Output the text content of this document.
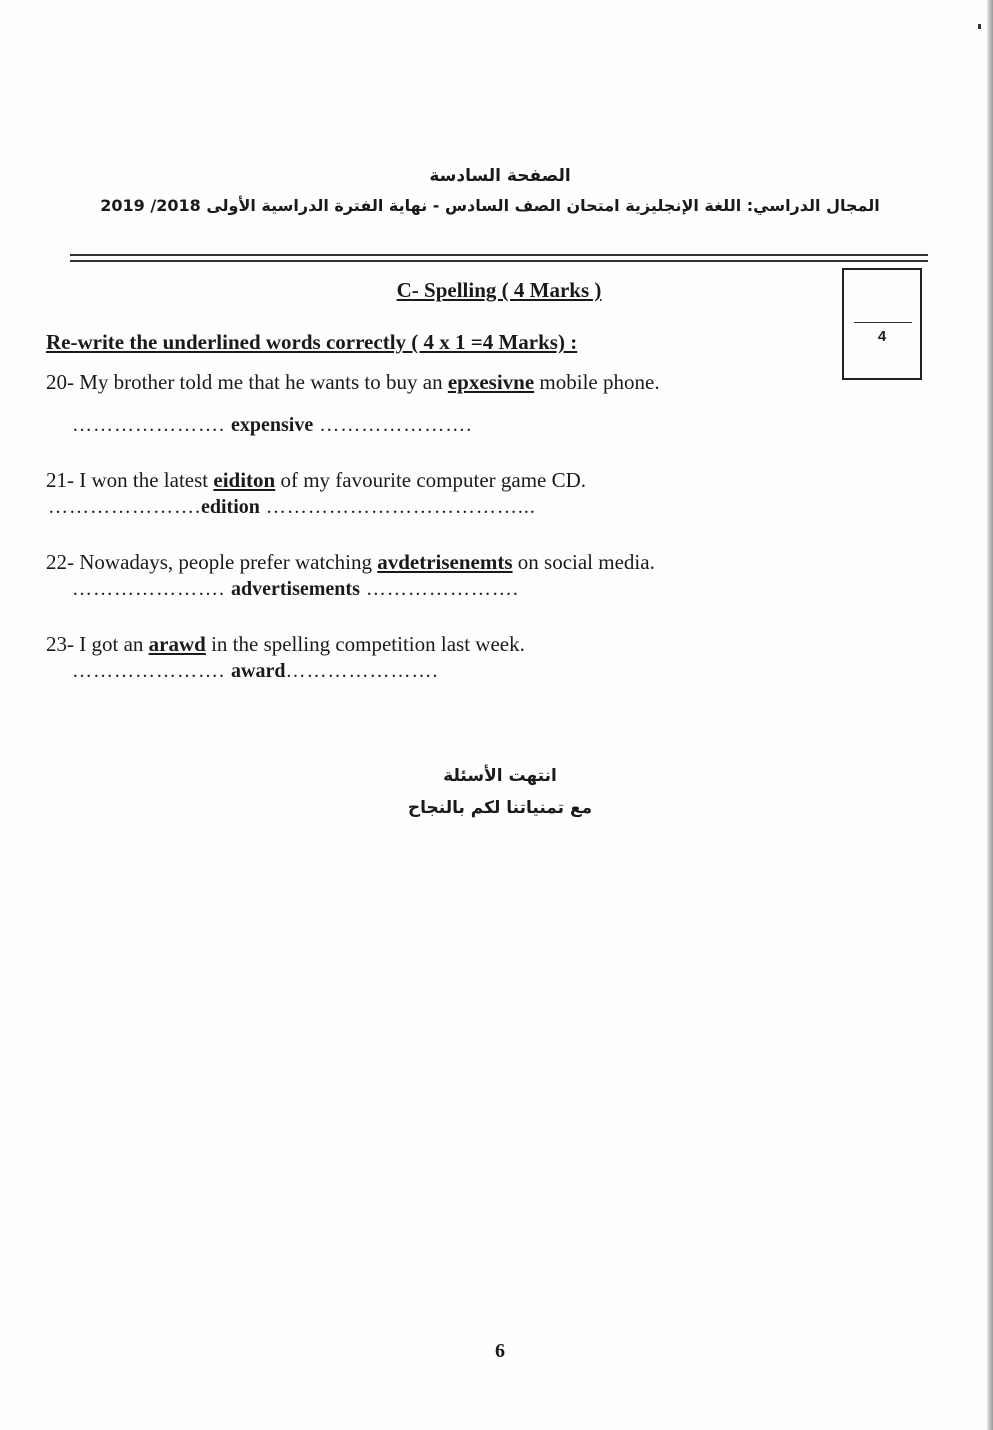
الصفحة السادسة
المجال الدراسي: اللغة الإنجليزية امتحان الصف السادس - نهاية الفترة الدراسية الأولى 2018/ 2019
C- Spelling ( 4 Marks )
4
Re-write the underlined words correctly ( 4 x 1 =4 Marks) :
20- My brother told me that he wants to buy an epxesivne mobile phone.
…………………. expensive ………………….
21- I won the latest eiditon of my favourite computer game CD.
………………….edition ………………………………...
22- Nowadays, people prefer watching avdetrisenemts on social media.
…………………. advertisements ………………….
23- I got an arawd in the spelling competition last week.
…………………. award………………….
انتهت الأسئلة
مع تمنياتنا لكم بالنجاح
6
